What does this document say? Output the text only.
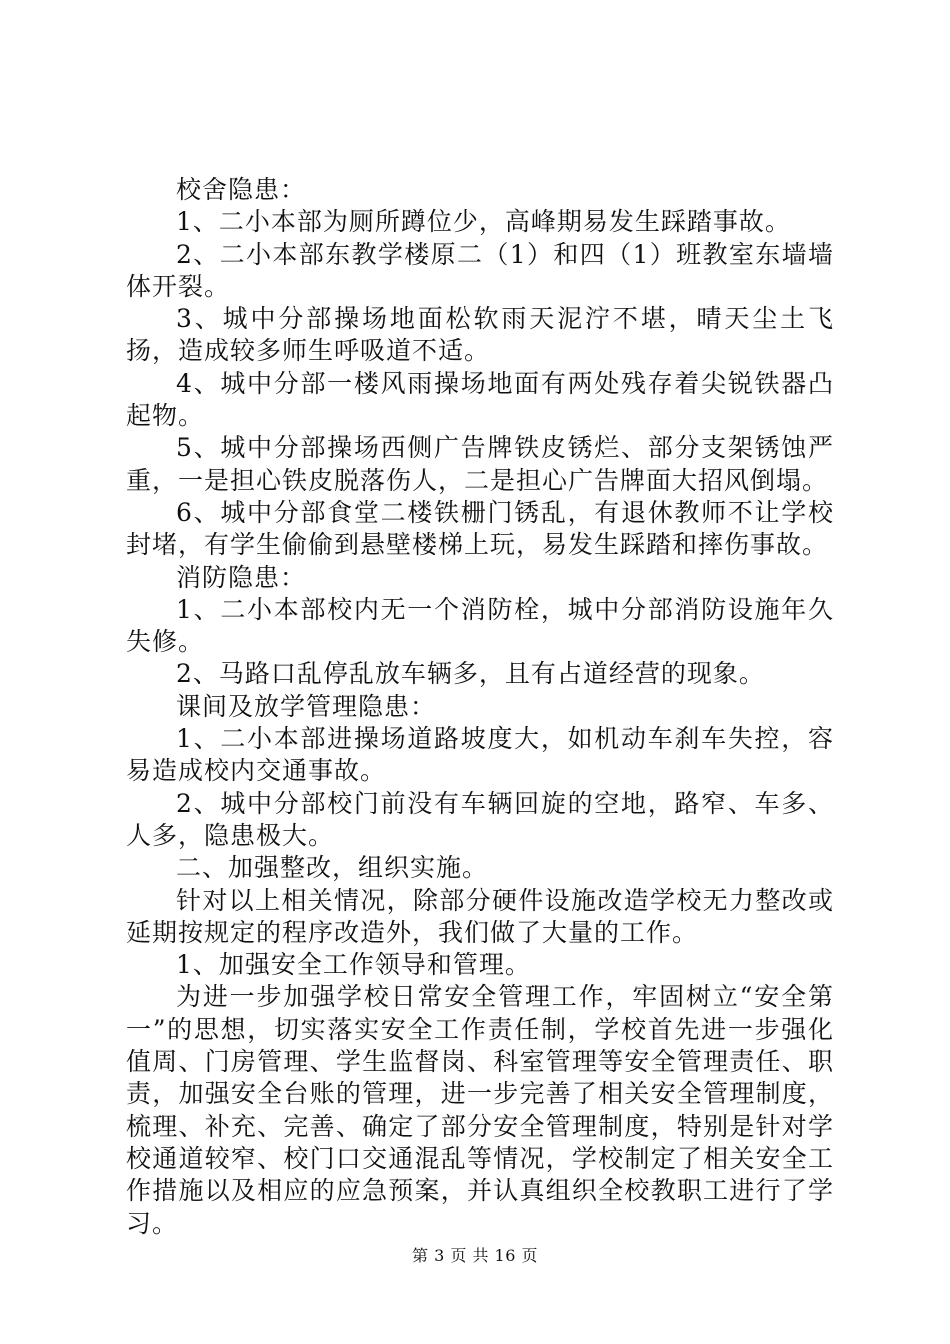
校舍隐患：

1、二小本部为厕所蹲位少，高峰期易发生踩踏事故。

2、二小本部东教学楼原二（1）和四（1）班教室东墙墙体开裂。

3、城中分部操场地面松软雨天泥泞不堪，晴天尘土飞扬，造成较多师生呼吸道不适。

4、城中分部一楼风雨操场地面有两处残存着尖锐铁器凸起物。

5、城中分部操场西侧广告牌铁皮锈烂、部分支架锈蚀严重，一是担心铁皮脱落伤人，二是担心广告牌面大招风倒塌。

6、城中分部食堂二楼铁栅门锈乱，有退休教师不让学校封堵，有学生偷偷到悬壁楼梯上玩，易发生踩踏和摔伤事故。

消防隐患：

1、二小本部校内无一个消防栓，城中分部消防设施年久失修。

2、马路口乱停乱放车辆多，且有占道经营的现象。

课间及放学管理隐患：

1、二小本部进操场道路坡度大，如机动车刹车失控，容易造成校内交通事故。

2、城中分部校门前没有车辆回旋的空地，路窄、车多、人多，隐患极大。

二、加强整改，组织实施。

针对以上相关情况，除部分硬件设施改造学校无力整改或延期按规定的程序改造外，我们做了大量的工作。

1、加强安全工作领导和管理。

为进一步加强学校日常安全管理工作，牢固树立“安全第一”的思想，切实落实安全工作责任制，学校首先进一步强化值周、门房管理、学生监督岗、科室管理等安全管理责任、职责，加强安全台账的管理，进一步完善了相关安全管理制度，梳理、补充、完善、确定了部分安全管理制度，特别是针对学校通道较窄、校门口交通混乱等情况，学校制定了相关安全工作措施以及相应的应急预案，并认真组织全校教职工进行了学习。

第 3 页 共 16 页
